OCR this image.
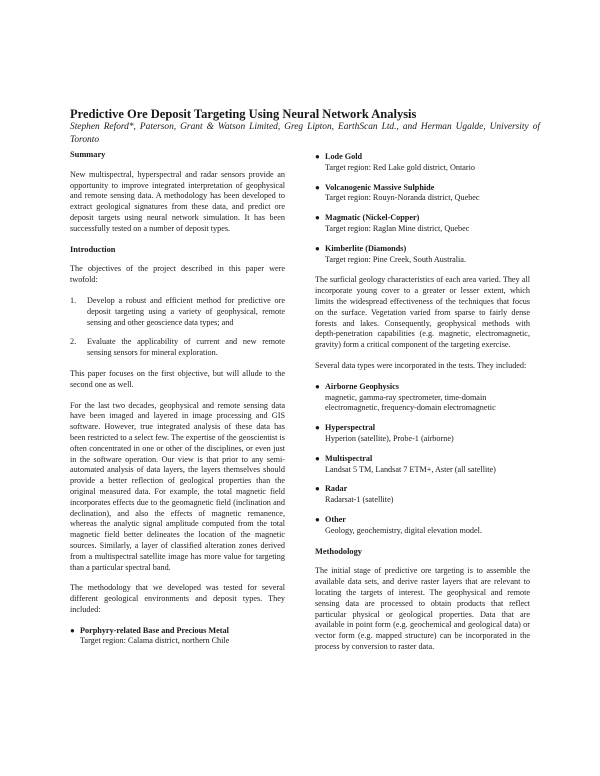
Predictive Ore Deposit Targeting Using Neural Network Analysis

Stephen Reford*, Paterson, Grant & Watson Limited, Greg Lipton, EarthScan Ltd., and Herman Ugalde, University of Toronto

Summary

New multispectral, hyperspectral and radar sensors provide an opportunity to improve integrated interpretation of geophysical and remote sensing data. A methodology has been developed to extract geological signatures from these data, and predict ore deposit targets using neural network simulation. It has been successfully tested on a number of deposit types.

Introduction

The objectives of the project described in this paper were twofold:

1. Develop a robust and efficient method for predictive ore deposit targeting using a variety of geophysical, remote sensing and other geoscience data types; and
2. Evaluate the applicability of current and new remote sensing sensors for mineral exploration.

This paper focuses on the first objective, but will allude to the second one as well.

For the last two decades, geophysical and remote sensing data have been imaged and layered in image processing and GIS software. However, true integrated analysis of these data has been restricted to a select few. The expertise of the geoscientist is often concentrated in one or other of the disciplines, or even just in the software operation. Our view is that prior to any semi-automated analysis of data layers, the layers themselves should provide a better reflection of geological properties than the original measured data. For example, the total magnetic field incorporates effects due to the geomagnetic field (inclination and declination), and also the effects of magnetic remanence, whereas the analytic signal amplitude computed from the total magnetic field better delineates the location of the magnetic sources. Similarly, a layer of classified alteration zones derived from a multispectral satellite image has more value for targeting than a particular spectral band.

The methodology that we developed was tested for several different geological environments and deposit types. They included:

● Porphyry-related Base and Precious Metal
Target region: Calama district, northern Chile
● Lode Gold
Target region: Red Lake gold district, Ontario
● Volcanogenic Massive Sulphide
Target region: Rouyn-Noranda district, Quebec
● Magmatic (Nickel-Copper)
Target region: Raglan Mine district, Quebec
● Kimberlite (Diamonds)
Target region: Pine Creek, South Australia.

The surficial geology characteristics of each area varied. They all incorporate young cover to a greater or lesser extent, which limits the widespread effectiveness of the techniques that focus on the surface. Vegetation varied from sparse to fairly dense forests and lakes. Consequently, geophysical methods with depth-penetration capabilities (e.g. magnetic, electromagnetic, gravity) form a critical component of the targeting exercise.

Several data types were incorporated in the tests. They included:

● Airborne Geophysics
magnetic, gamma-ray spectrometer, time-domain electromagnetic, frequency-domain electromagnetic
● Hyperspectral
Hyperion (satellite), Probe-1 (airborne)
● Multispectral
Landsat 5 TM, Landsat 7 ETM+, Aster (all satellite)
● Radar
Radarsat-1 (satellite)
● Other
Geology, geochemistry, digital elevation model.
Methodology

The initial stage of predictive ore targeting is to assemble the available data sets, and derive raster layers that are relevant to locating the targets of interest. The geophysical and remote sensing data are processed to obtain products that reflect particular physical or geological properties. Data that are available in point form (e.g. geochemical and geological data) or vector form (e.g. mapped structure) can be incorporated in the process by conversion to raster data.
